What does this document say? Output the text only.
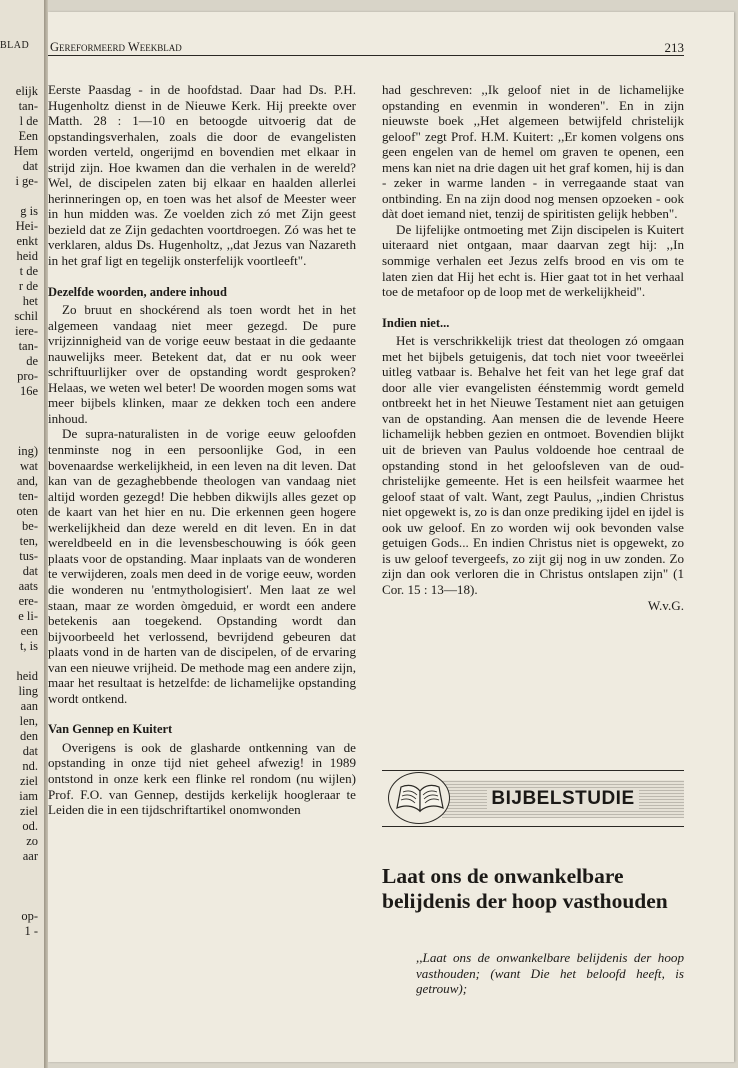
BLAD
elijk
tan-
l de
Een
Hem
dat
i ge-

g is
Hei-
enkt
heid
t de
r de
het
schil
iere-
tan-
de
pro-
16e

ing)
wat
and,
ten-
oten
be-
ten,
tus-
dat
aats
ere-
e li-
een
t, is

heid
ling
aan
len,
den
dat
nd.
ziel
iam
ziel
od.
zo
aar

op-
1 -
Gereformeerd Weekblad	213

Eerste Paasdag - in de hoofdstad. Daar had Ds. P.H. Hugenholtz dienst in de Nieuwe Kerk. Hij preekte over Matth. 28 : 1—10 en betoogde uitvoerig dat de opstandingsverhalen, zoals die door de evangelisten worden verteld, ongerijmd en bovendien met elkaar in strijd zijn. Hoe kwamen dan die verhalen in de wereld? Wel, de discipelen zaten bij elkaar en haalden allerlei herinneringen op, en toen was het alsof de Meester weer in hun midden was. Ze voelden zich zó met Zijn geest bezield dat ze Zijn gedachten voortdroegen. Zó was het te verklaren, aldus Ds. Hugenholtz, ,,dat Jezus van Nazareth in het graf ligt en tegelijk onsterfelijk voortleeft".

Dezelfde woorden, andere inhoud

Zo bruut en shockérend als toen wordt het in het algemeen vandaag niet meer gezegd. De pure vrijzinnigheid van de vorige eeuw bestaat in die gedaante nauwelijks meer. Betekent dat, dat er nu ook weer schriftuurlijker over de opstanding wordt gesproken? Helaas, we weten wel beter! De woorden mogen soms wat meer bijbels klinken, maar ze dekken toch een andere inhoud.

De supra-naturalisten in de vorige eeuw geloofden tenminste nog in een persoonlijke God, in een bovenaardse werkelijkheid, in een leven na dit leven. Dat kan van de gezaghebbende theologen van vandaag niet altijd worden gezegd! Die hebben dikwijls alles gezet op de kaart van het hier en nu. Die erkennen geen hogere werkelijkheid dan deze wereld en dit leven. En in dat wereldbeeld en in die levensbeschouwing is óók geen plaats voor de opstanding. Maar inplaats van de wonderen te verwijderen, zoals men deed in de vorige eeuw, worden die wonderen nu 'entmythologisiert'. Men laat ze wel staan, maar ze worden òmgeduid, er wordt een andere betekenis aan toegekend. Opstanding wordt dan bijvoorbeeld het verlossend, bevrijdend gebeuren dat plaats vond in de harten van de discipelen, of de ervaring van een nieuwe vrijheid. De methode mag een andere zijn, maar het resultaat is hetzelfde: de lichamelijke opstanding wordt ontkend.

Van Gennep en Kuitert

Overigens is ook de glasharde ontkenning van de opstanding in onze tijd niet geheel afwezig! in 1989 ontstond in onze kerk een flinke rel rondom (nu wijlen) Prof. F.O. van Gennep, destijds kerkelijk hoogleraar te Leiden die in een tijdschriftartikel onomwonden

had geschreven: ,,Ik geloof niet in de lichamelijke opstanding en evenmin in wonderen". En in zijn nieuwste boek ,,Het algemeen betwijfeld christelijk geloof" zegt Prof. H.M. Kuitert: ,,Er komen volgens ons geen engelen van de hemel om graven te openen, een mens kan niet na drie dagen uit het graf komen, hij is dan - zeker in warme landen - in verregaande staat van ontbinding. En na zijn dood nog mensen opzoeken - ook dàt doet iemand niet, tenzij de spiritisten gelijk hebben".

De lijfelijke ontmoeting met Zijn discipelen is Kuitert uiteraard niet ontgaan, maar daarvan zegt hij: ,,In sommige verhalen eet Jezus zelfs brood en vis om te laten zien dat Hij het echt is. Hier gaat tot in het verhaal toe de metafoor op de loop met de werkelijkheid".

Indien niet...

Het is verschrikkelijk triest dat theologen zó omgaan met het bijbels getuigenis, dat toch niet voor tweeërlei uitleg vatbaar is. Behalve het feit van het lege graf dat door alle vier evangelisten éénstemmig wordt gemeld ontbreekt het in het Nieuwe Testament niet aan getuigen van de opstanding. Aan mensen die de levende Heere lichamelijk hebben gezien en ontmoet. Bovendien blijkt uit de brieven van Paulus voldoende hoe centraal de opstanding stond in het geloofsleven van de oud-christelijke gemeente. Het is een heilsfeit waarmee het geloof staat of valt. Want, zegt Paulus, ,,indien Christus niet opgewekt is, zo is dan onze prediking ijdel en ijdel is ook uw geloof. En zo worden wij ook bevonden valse getuigen Gods... En indien Christus niet is opgewekt, zo is uw geloof tevergeefs, zo zijt gij nog in uw zonden. Zo zijn dan ook verloren die in Christus ontslapen zijn" (1 Cor. 15 : 13—18).

W.v.G.

BIJBELSTUDIE
Laat ons de onwankelbare belijdenis der hoop vasthouden
,,Laat ons de onwankelbare belijdenis der hoop vasthouden; (want Die het beloofd heeft, is getrouw);
